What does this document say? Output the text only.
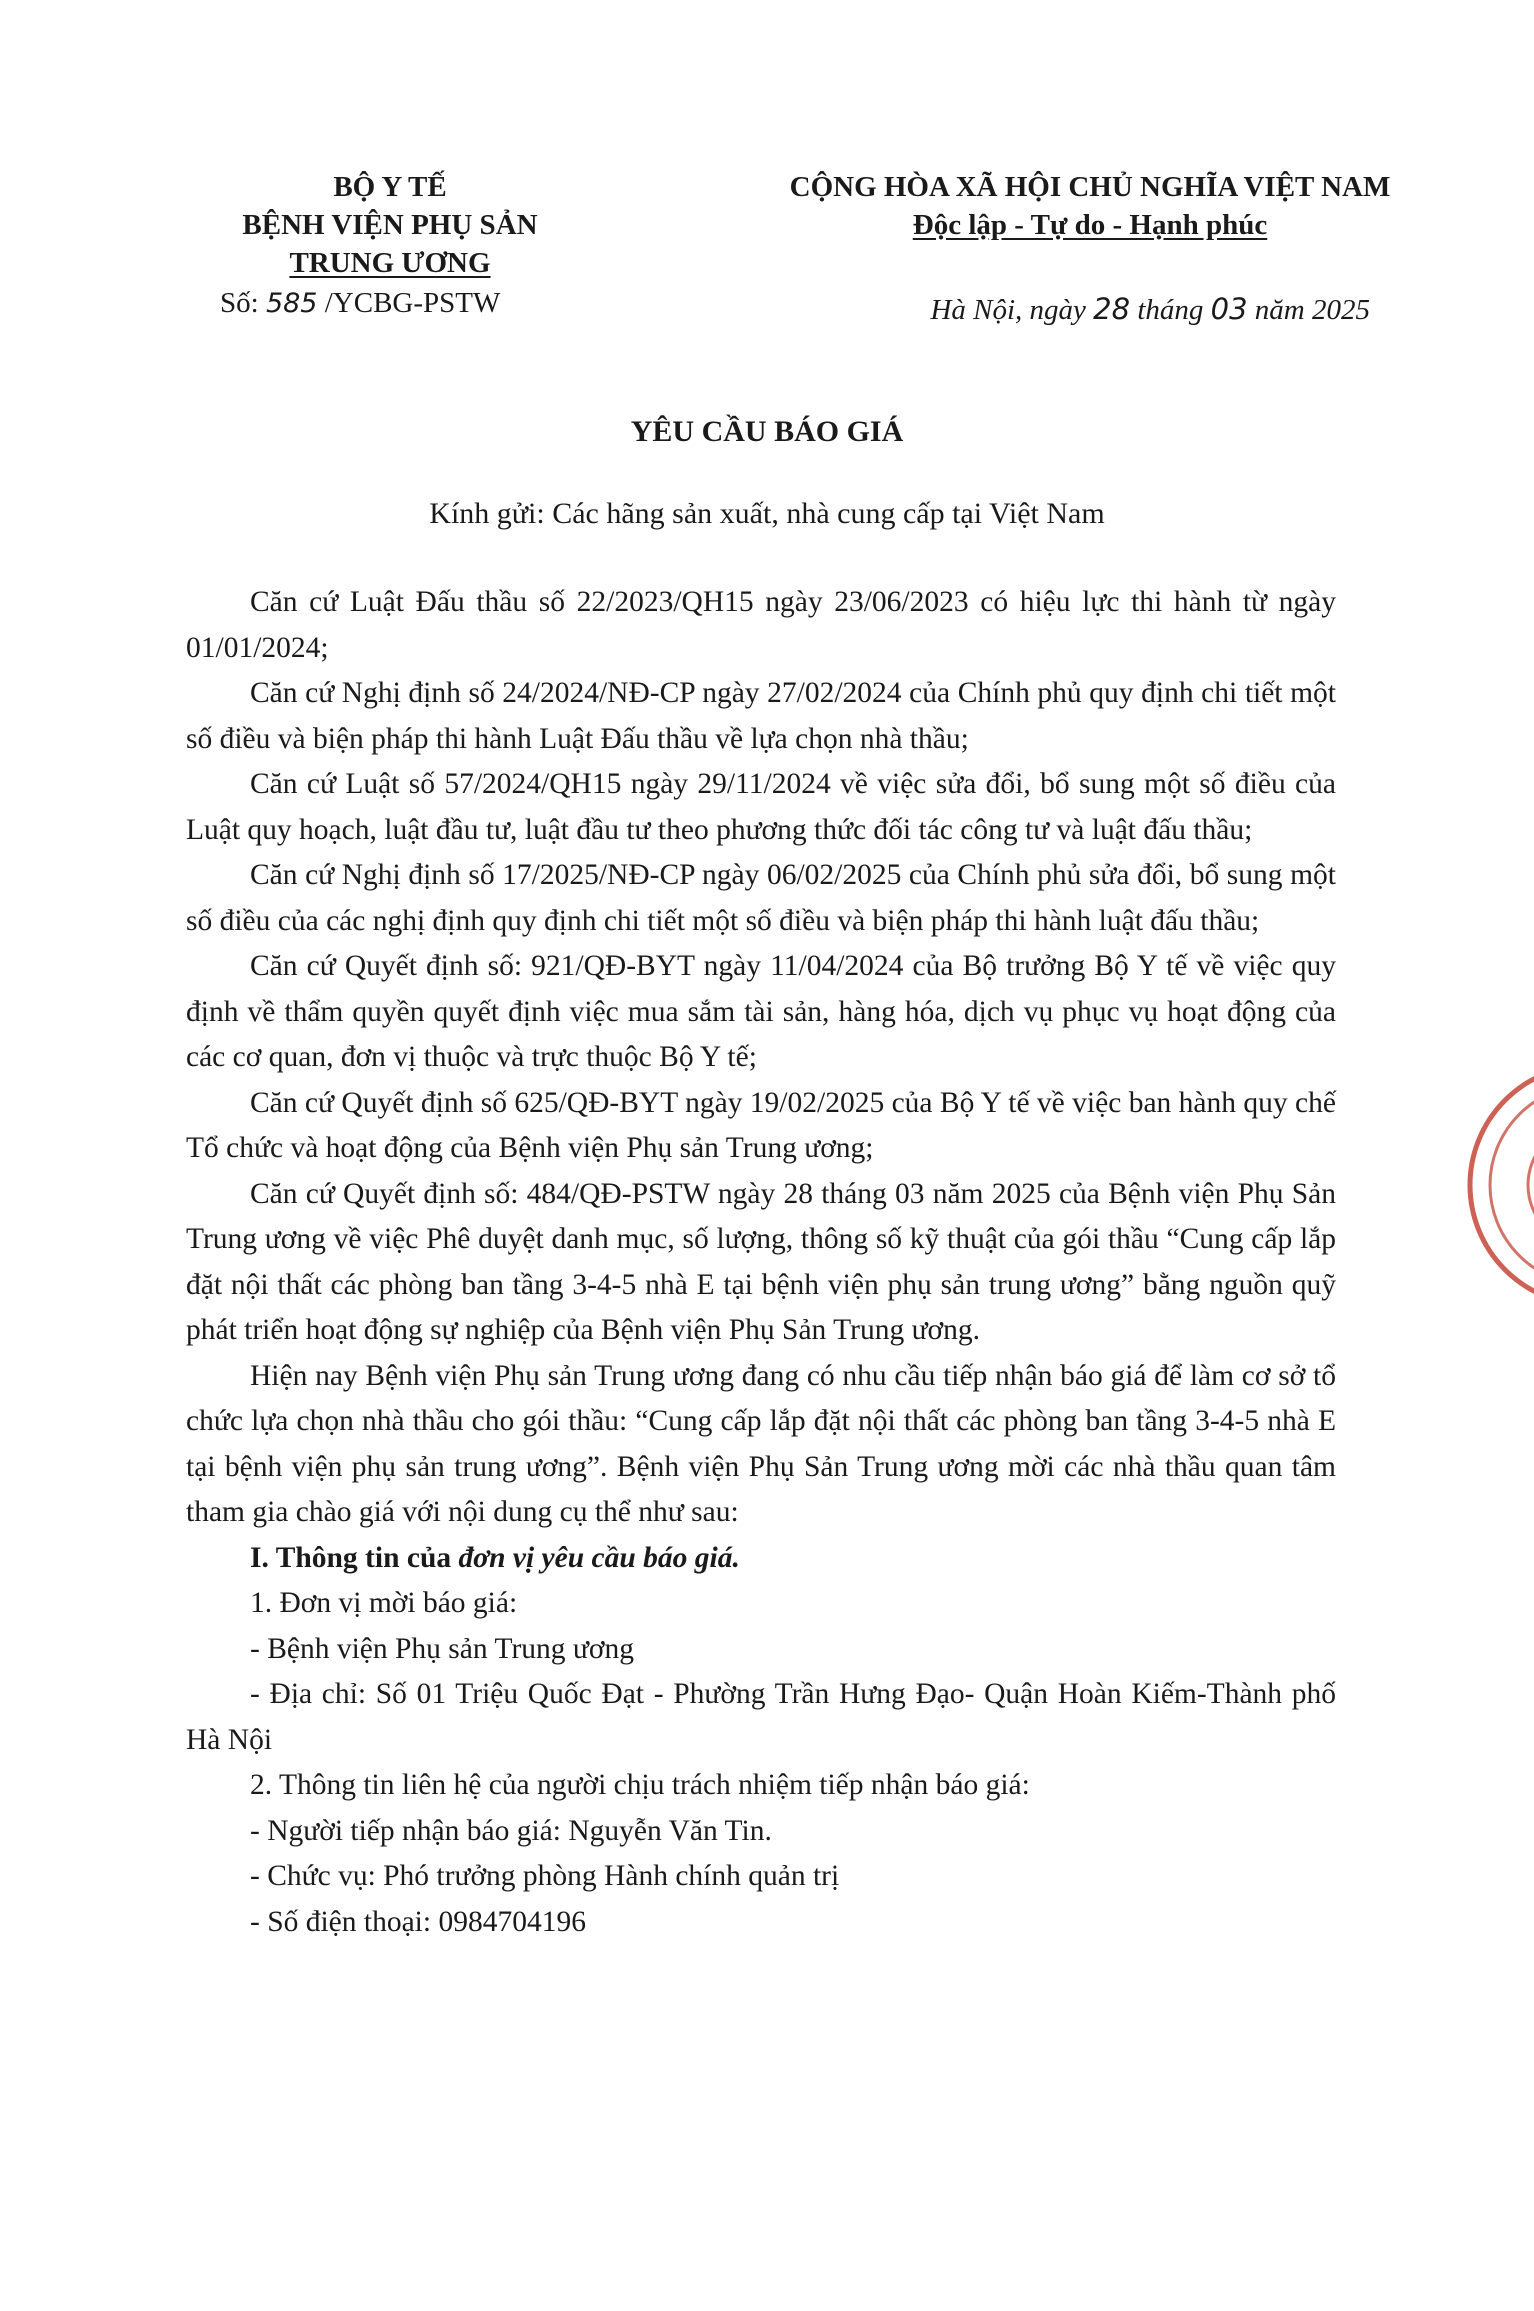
BỘ Y TẾ
BỆNH VIỆN PHỤ SẢN
TRUNG ƯƠNG
Số: 585 /YCBG-PSTW
CỘNG HÒA XÃ HỘI CHỦ NGHĨA VIỆT NAM
Độc lập - Tự do - Hạnh phúc
Hà Nội, ngày 28 tháng 03 năm 2025
YÊU CẦU BÁO GIÁ
Kính gửi: Các hãng sản xuất, nhà cung cấp tại Việt Nam

Căn cứ Luật Đấu thầu số 22/2023/QH15 ngày 23/06/2023 có hiệu lực thi hành từ ngày 01/01/2024;

Căn cứ Nghị định số 24/2024/NĐ-CP ngày 27/02/2024 của Chính phủ quy định chi tiết một số điều và biện pháp thi hành Luật Đấu thầu về lựa chọn nhà thầu;

Căn cứ Luật số 57/2024/QH15 ngày 29/11/2024 về việc sửa đổi, bổ sung một số điều của Luật quy hoạch, luật đầu tư, luật đầu tư theo phương thức đối tác công tư và luật đấu thầu;

Căn cứ Nghị định số 17/2025/NĐ-CP ngày 06/02/2025 của Chính phủ sửa đổi, bổ sung một số điều của các nghị định quy định chi tiết một số điều và biện pháp thi hành luật đấu thầu;

Căn cứ Quyết định số: 921/QĐ-BYT ngày 11/04/2024 của Bộ trưởng Bộ Y tế về việc quy định về thẩm quyền quyết định việc mua sắm tài sản, hàng hóa, dịch vụ phục vụ hoạt động của các cơ quan, đơn vị thuộc và trực thuộc Bộ Y tế;

Căn cứ Quyết định số 625/QĐ-BYT ngày 19/02/2025 của Bộ Y tế về việc ban hành quy chế Tổ chức và hoạt động của Bệnh viện Phụ sản Trung ương;

Căn cứ Quyết định số: 484/QĐ-PSTW ngày 28 tháng 03 năm 2025 của Bệnh viện Phụ Sản Trung ương về việc Phê duyệt danh mục, số lượng, thông số kỹ thuật của gói thầu “Cung cấp lắp đặt nội thất các phòng ban tầng 3-4-5 nhà E tại bệnh viện phụ sản trung ương” bằng nguồn quỹ phát triển hoạt động sự nghiệp của Bệnh viện Phụ Sản Trung ương.

Hiện nay Bệnh viện Phụ sản Trung ương đang có nhu cầu tiếp nhận báo giá để làm cơ sở tổ chức lựa chọn nhà thầu cho gói thầu: “Cung cấp lắp đặt nội thất các phòng ban tầng 3-4-5 nhà E tại bệnh viện phụ sản trung ương”. Bệnh viện Phụ Sản Trung ương mời các nhà thầu quan tâm tham gia chào giá với nội dung cụ thể như sau:

I. Thông tin của đơn vị yêu cầu báo giá.

1. Đơn vị mời báo giá:

- Bệnh viện Phụ sản Trung ương

- Địa chỉ: Số 01 Triệu Quốc Đạt - Phường Trần Hưng Đạo- Quận Hoàn Kiếm-Thành phố Hà Nội

2. Thông tin liên hệ của người chịu trách nhiệm tiếp nhận báo giá:

- Người tiếp nhận báo giá: Nguyễn Văn Tin.

- Chức vụ: Phó trưởng phòng Hành chính quản trị

- Số điện thoại: 0984704196
